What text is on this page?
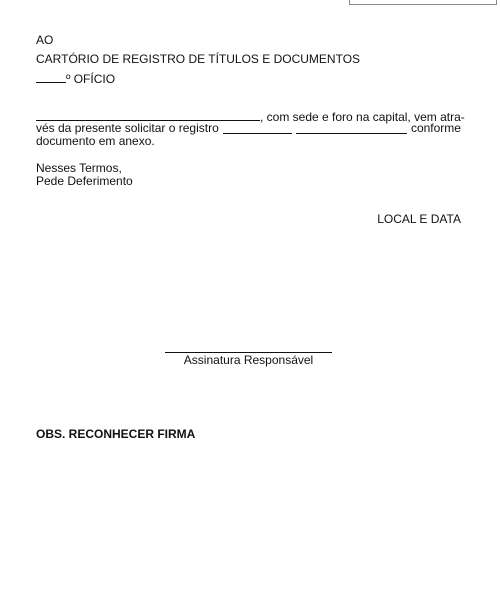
AO
CARTÓRIO DE REGISTRO DE TÍTULOS E DOCUMENTOS
º OFÍCIO
, com sede e foro na capital, vem atra-
vés da presente solicitar o registro	conforme
documento em anexo.
Nesses Termos,
Pede Deferimento
LOCAL E DATA
Assinatura Responsável
OBS. RECONHECER FIRMA
